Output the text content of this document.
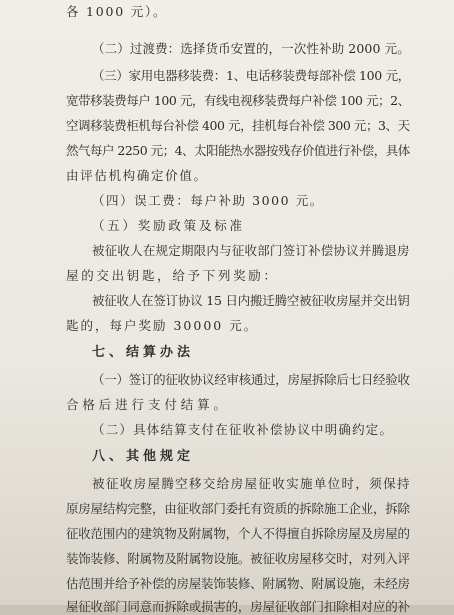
各 1000 元）。
（二）过渡费：选择货币安置的，一次性补助 2000 元。
（三）家用电器移装费：1、电话移装费每部补偿 100 元，
宽带移装费每户 100 元，有线电视移装费每户补偿 100 元；2、
空调移装费柜机每台补偿 400 元，挂机每台补偿 300 元；3、天
然气每户 2250 元；4、太阳能热水器按残存价值进行补偿，具体
由评估机构确定价值。
（四）误工费：每户补助 3000 元。
（五）奖励政策及标准
被征收人在规定期限内与征收部门签订补偿协议并腾退房
屋的交出钥匙，给予下列奖励：
被征收人在签订协议 15 日内搬迁腾空被征收房屋并交出钥
匙的，每户奖励 30000 元。
七、结算办法
（一）签订的征收协议经审核通过，房屋拆除后七日经验收
合格后进行支付结算。
（二）具体结算支付在征收补偿协议中明确约定。
八、其他规定
被征收房屋腾空移交给房屋征收实施单位时，须保持
原房屋结构完整，由征收部门委托有资质的拆除施工企业，拆除
征收范围内的建筑物及附属物，个人不得擅自拆除房屋及房屋的
装饰装修、附属物及附属物设施。被征收房屋移交时，对列入评
估范围并给予补偿的房屋装饰装修、附属物、附属设施，未经房
屋征收部门同意而拆除或损害的，房屋征收部门扣除相对应的补
